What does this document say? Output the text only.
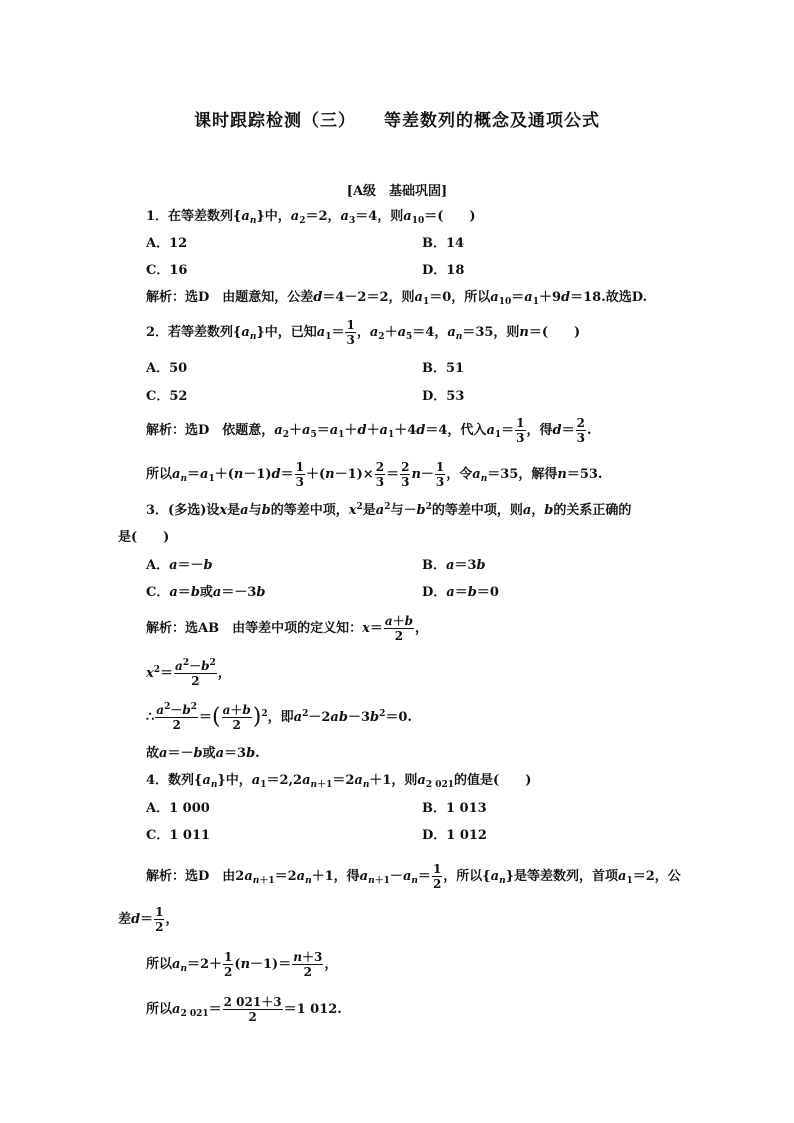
课时跟踪检测（三） 等差数列的概念及通项公式
[A级　基础巩固]
1．在等差数列$\{a_n\}$中，$a_2=2$，$a_3=4$，则$a_{10}=$(　　)
A．12	B．14
C．16	D．18
解析：选D　由题意知，公差d＝4－2＝2，则$a_1=0$，所以$a_{10}=a_1+9d=18$.故选D.
2．若等差数列$\{a_n\}$中，已知$a_1= \frac{1}{3}$ ，$a_2+a_5=4$，$a_n=35$，则n＝(　　)
A．50	B．51
C．52	D．53
解析：选D　依题意，$a_2+a_5=a_1+d+a_1+4d=4$，代入$a_1= \frac{1}{3}$ ，得$d= \frac{2}{3}$ .
所以$a_n=a_1+(n-1)d= \frac{1}{3} +(n-1)\times \frac{2}{3} = \frac{2}{3} n- \frac{1}{3}$ ，令$a_n=35$，解得n＝53.
3．(多选)设x是a与b的等差中项，$x^2$是$a^2$与$-b^2$的等差中项，则a，b的关系正确的
是(　　)
A．a＝－b	B．a＝3b
C．a＝b或a＝－3b	D．a＝b＝0
解析：选AB　由等差中项的定义知：$x= \frac{a+b}{2}$ ，
$x^2= \frac{a^2-b^2}{2}$ ，
∴ $\frac{a^2-b^2}{2}$ ＝( $\frac{a+b}{2} )^2$，即$a^2-2ab-3b^2=0$.
故a＝－b或a＝3b.
4．数列$\{a_n\}$中，$a_1=2,2a_{n+1}=2a_n+1$，则$a_{2 021}$的值是(　　)
A．1 000	B．1 013
C．1 011	D．1 012
解析：选D　由$2a_{n+1}=2a_n+1$，得$a_{n+1}-a_n= \frac{1}{2}$ ，所以$\{a_n\}$是等差数列，首项$a_1=2$，公
差$d= \frac{1}{2}$ ，
所以$a_n=2+ \frac{1}{2} (n-1)= \frac{n+3}{2}$ ，
所以$a_{2 021}= \frac{2 021+3}{2} =1$ 012.
